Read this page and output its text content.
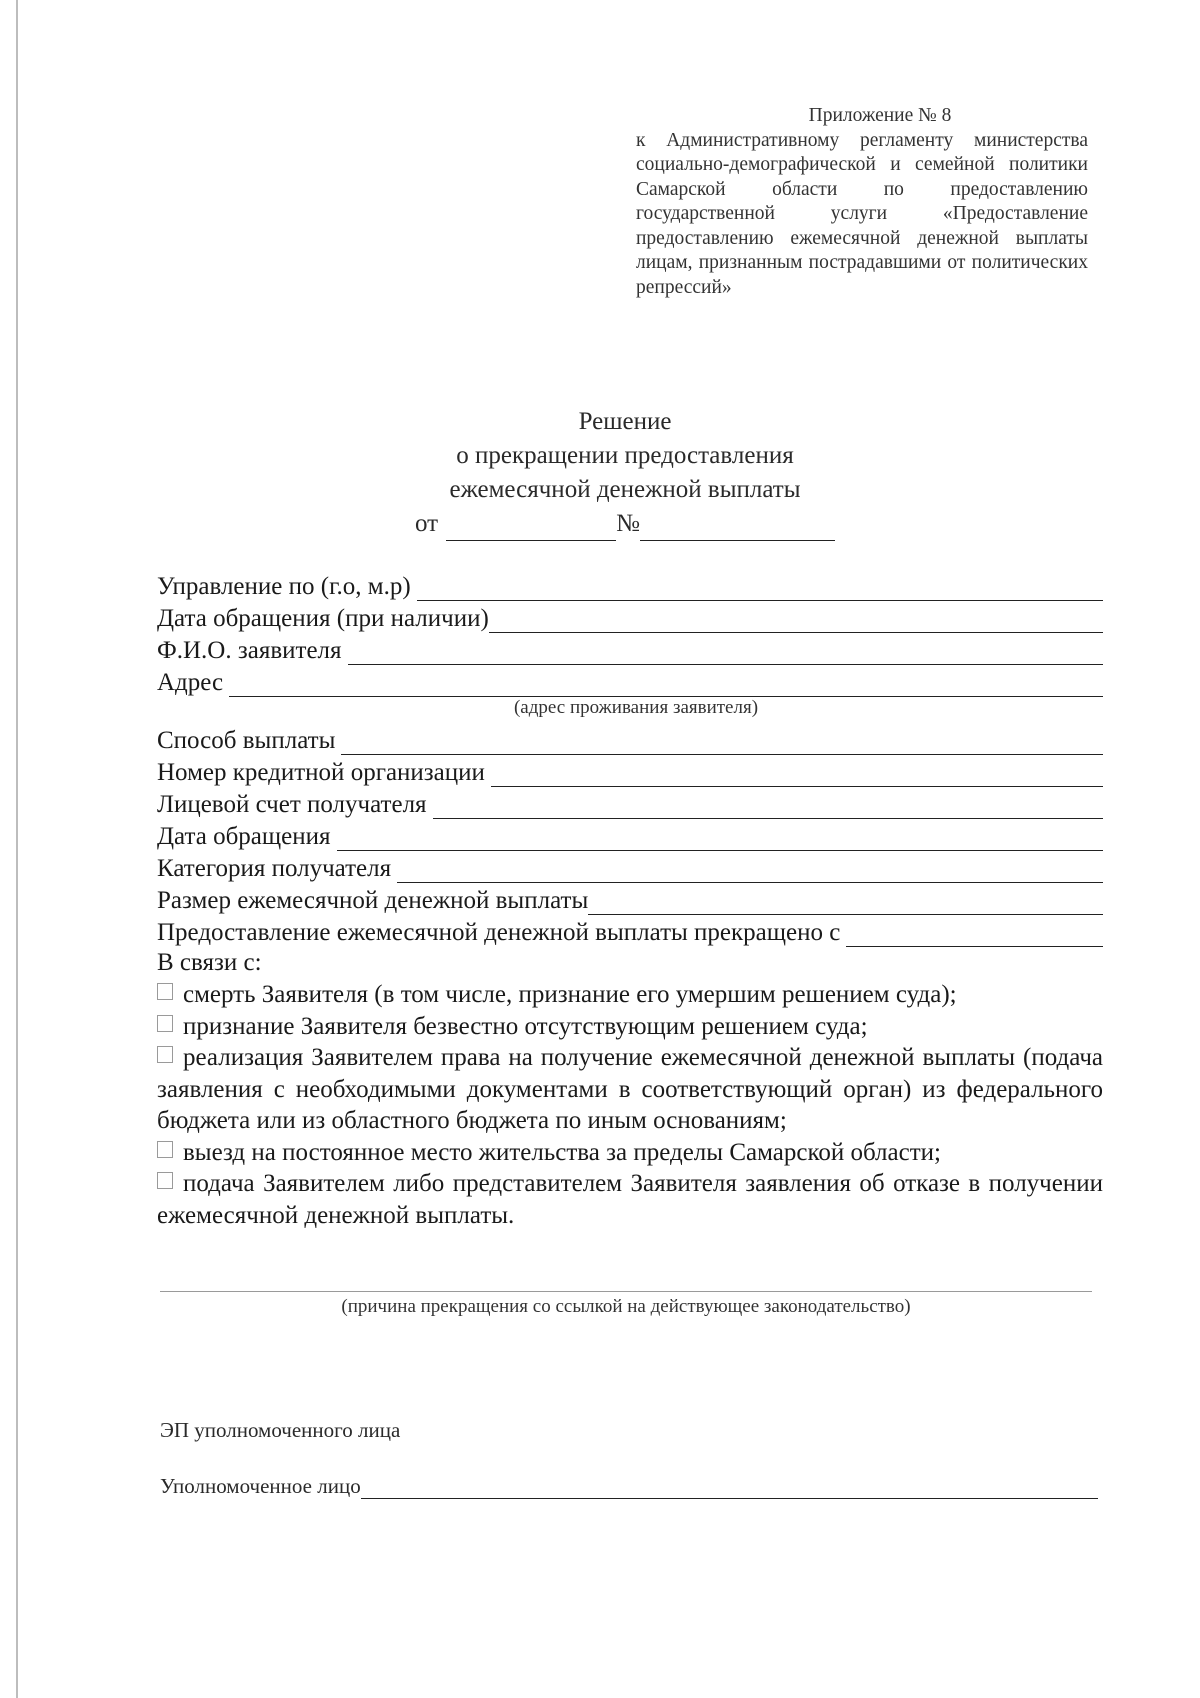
Приложение № 8
к Административному регламенту министерства социально-демографической и семейной политики Самарской области по предоставлению государственной услуги «Предоставление предоставлению ежемесячной денежной выплаты лицам, признанным пострадавшими от политических репрессий»
Решение
о прекращении предоставления
ежемесячной денежной выплаты
от	№
Управление по (г.о, м.р)
Дата обращения (при наличии)
Ф.И.О. заявителя
Адрес
(адрес проживания заявителя)
Способ выплаты
Номер кредитной организации
Лицевой счет получателя
Дата обращения
Категория получателя
Размер ежемесячной денежной выплаты
Предоставление ежемесячной денежной выплаты прекращено с
В связи с:
смерть Заявителя (в том числе, признание его умершим решением суда);
признание Заявителя безвестно отсутствующим решением суда;
реализация Заявителем права на получение ежемесячной денежной выплаты (подача заявления с необходимыми документами в соответствующий орган) из федерального бюджета или из областного бюджета по иным основаниям;
выезд на постоянное место жительства за пределы Самарской области;
подача Заявителем либо представителем Заявителя заявления об отказе в получении ежемесячной денежной выплаты.
(причина прекращения со ссылкой на действующее законодательство)
ЭП уполномоченного лица
Уполномоченное лицо
